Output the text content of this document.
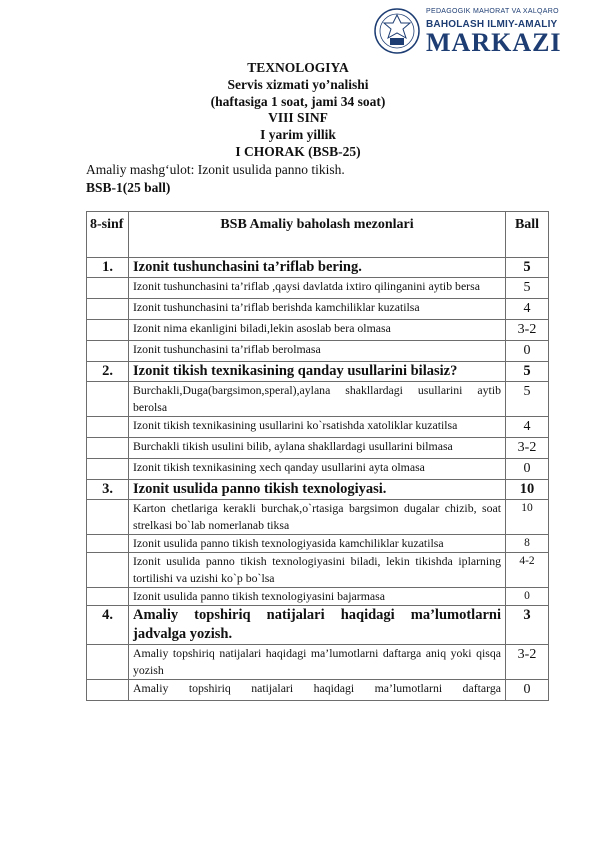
PEDAGOGIK MAHORAT VA XALQARO
BAHOLASH ILMIY-AMALIY
MARKAZI
TEXNOLOGIYA
Servis xizmati yo’nalishi
(haftasiga 1 soat, jami 34 soat)
VIII SINF
I yarim yillik
I CHORAK (BSB-25)
Amaliy mashg‘ulot: Izonit usulida panno tikish.
BSB-1(25 ball)
8-sinf	BSB Amaliy baholash mezonlari	Ball
1.	Izonit tushunchasini ta’riflab bering.	5
	Izonit tushunchasini ta’riflab ,qaysi davlatda ixtiro qilinganini aytib bersa	5
	Izonit tushunchasini ta’riflab berishda kamchiliklar kuzatilsa	4
	Izonit nima ekanligini biladi,lekin asoslab bera olmasa	3-2
	Izonit tushunchasini ta’riflab berolmasa	0
2.	Izonit tikish texnikasining qanday usullarini bilasiz?	5
	Burchakli,Duga(bargsimon,speral),aylana shakllardagi usullarini aytib berolsa	5
	Izonit tikish texnikasining usullarini ko`rsatishda xatoliklar kuzatilsa	4
	Burchakli tikish usulini bilib, aylana shakllardagi usullarini bilmasa	3-2
	Izonit tikish texnikasining xech qanday usullarini ayta olmasa	0
3.	Izonit usulida panno tikish texnologiyasi.	10
	Karton chetlariga kerakli burchak,o`rtasiga bargsimon dugalar chizib, soat strelkasi bo`lab nomerlanab tiksa	10
	Izonit usulida panno tikish texnologiyasida kamchiliklar kuzatilsa	8
	Izonit usulida panno tikish texnologiyasini biladi, lekin tikishda iplarning tortilishi va uzishi ko`p bo`lsa	4-2
	Izonit usulida panno tikish texnologiyasini bajarmasa	0
4.	Amaliy topshiriq natijalari haqidagi ma’lumotlarni jadvalga yozish.	3
	Amaliy topshiriq natijalari haqidagi ma’lumotlarni daftarga aniq yoki qisqa yozish	3-2
	Amaliy topshiriq natijalari haqidagi ma’lumotlarni daftarga	0
